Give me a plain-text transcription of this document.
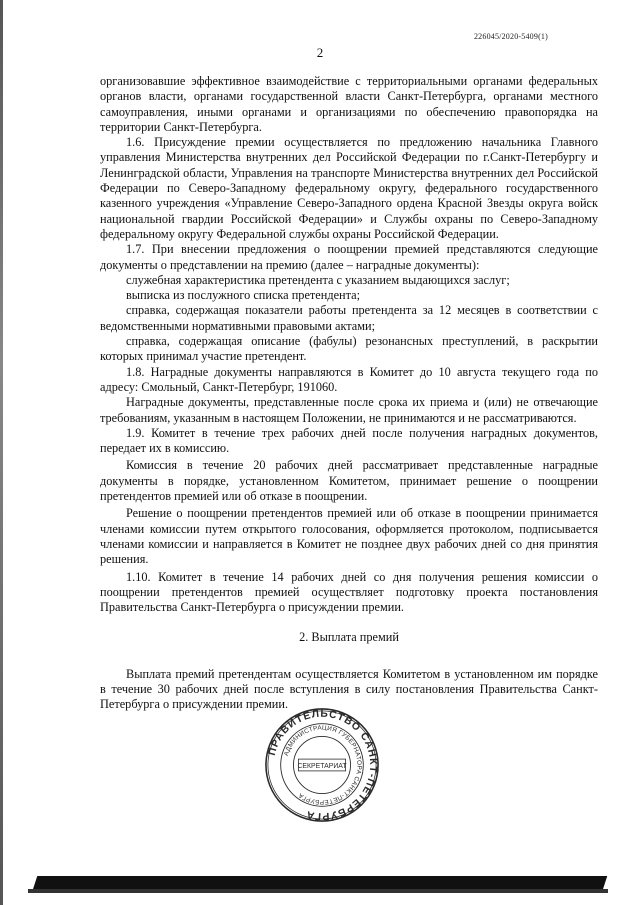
226045/2020-5409(1)
2

организовавшие эффективное взаимодействие с территориальными органами федеральных органов власти, органами государственной власти Санкт-Петербурга, органами местного самоуправления, иными органами и организациями по обеспечению правопорядка на территории Санкт-Петербурга.

1.6. Присуждение премии осуществляется по предложению начальника Главного управления Министерства внутренних дел Российской Федерации по г.Санкт-Петербургу и Ленинградской области, Управления на транспорте Министерства внутренних дел Российской Федерации по Северо-Западному федеральному округу, федерального государственного казенного учреждения «Управление Северо-Западного ордена Красной Звезды округа войск национальной гвардии Российской Федерации» и Службы охраны по Северо-Западному федеральному округу Федеральной службы охраны Российской Федерации.

1.7. При внесении предложения о поощрении премией представляются следующие документы о представлении на премию (далее – наградные документы):

служебная характеристика претендента с указанием выдающихся заслуг;

выписка из послужного списка претендента;

справка, содержащая показатели работы претендента за 12 месяцев в соответствии с ведомственными нормативными правовыми актами;

справка, содержащая описание (фабулы) резонансных преступлений, в раскрытии которых принимал участие претендент.

1.8. Наградные документы направляются в Комитет до 10 августа текущего года по адресу: Смольный, Санкт-Петербург, 191060.

Наградные документы, представленные после срока их приема и (или) не отвечающие требованиям, указанным в настоящем Положении, не принимаются и не рассматриваются.

1.9. Комитет в течение трех рабочих дней после получения наградных документов, передает их в комиссию.

Комиссия в течение 20 рабочих дней рассматривает представленные наградные документы в порядке, установленном Комитетом, принимает решение о поощрении претендентов премией или об отказе в поощрении.

Решение о поощрении претендентов премией или об отказе в поощрении принимается членами комиссии путем открытого голосования, оформляется протоколом, подписывается членами комиссии и направляется в Комитет не позднее двух рабочих дней со дня принятия решения.

1.10. Комитет в течение 14 рабочих дней со дня получения решения комиссии о поощрении претендентов премией осуществляет подготовку проекта постановления Правительства Санкт-Петербурга о присуждении премии.

2. Выплата премий

Выплата премий претендентам осуществляется Комитетом в установленном им порядке в течение 30 рабочих дней после вступления в силу постановления Правительства Санкт-Петербурга о присуждении премии.

ПРАВИТЕЛЬСТВО САНКТ-ПЕТЕРБУРГА
АДМИНИСТРАЦИЯ ГУБЕРНАТОРА САНКТ-ПЕТЕРБУРГА
СЕКРЕТАРИАТ
